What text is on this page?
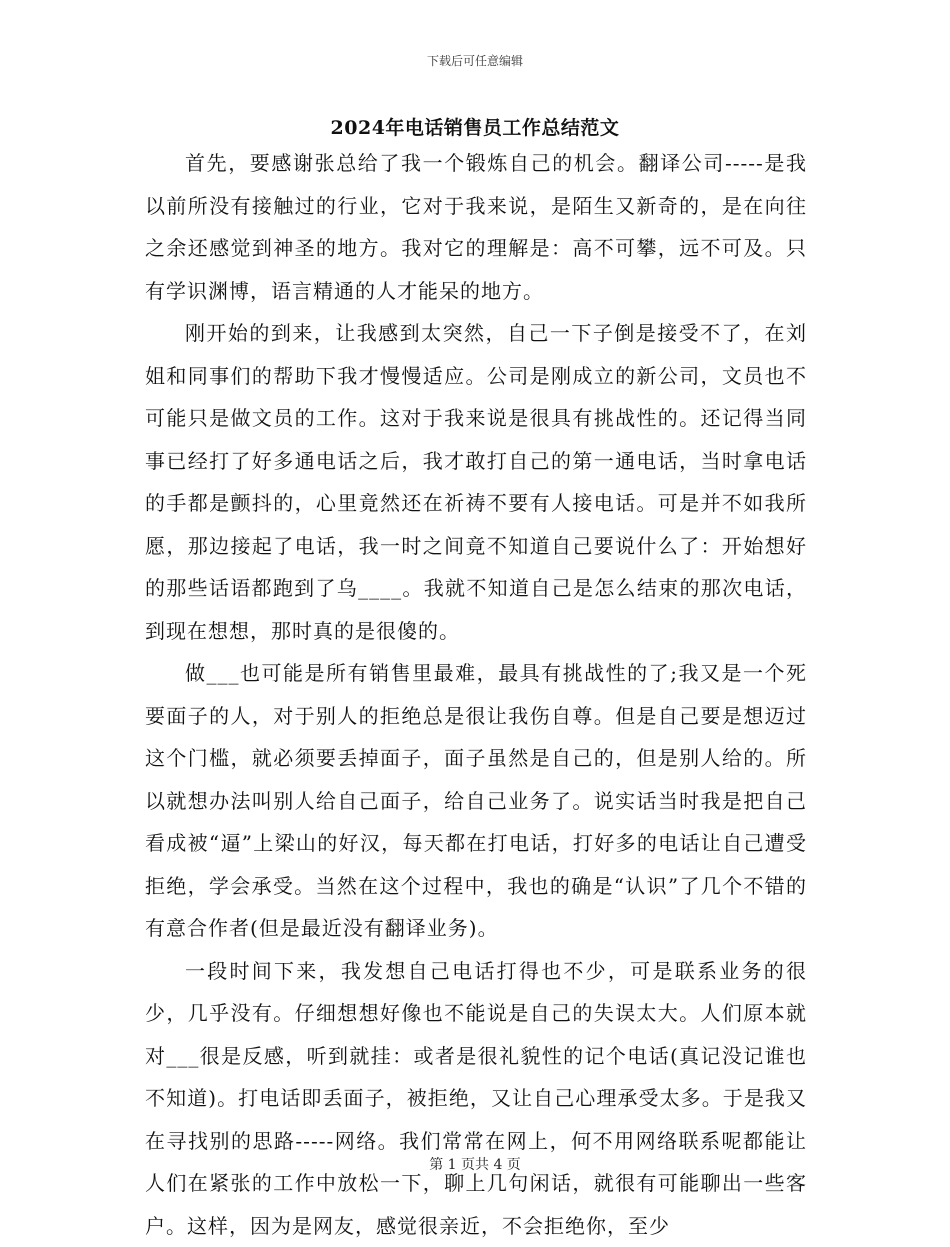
下载后可任意编辑
2024年电话销售员工作总结范文

首先，要感谢张总给了我一个锻炼自己的机会。翻译公司-----是我以前所没有接触过的行业，它对于我来说，是陌生又新奇的，是在向往之余还感觉到神圣的地方。我对它的理解是：高不可攀，远不可及。只有学识渊博，语言精通的人才能呆的地方。

刚开始的到来，让我感到太突然，自己一下子倒是接受不了，在刘姐和同事们的帮助下我才慢慢适应。公司是刚成立的新公司，文员也不可能只是做文员的工作。这对于我来说是很具有挑战性的。还记得当同事已经打了好多通电话之后，我才敢打自己的第一通电话，当时拿电话的手都是颤抖的，心里竟然还在祈祷不要有人接电话。可是并不如我所愿，那边接起了电话，我一时之间竟不知道自己要说什么了：开始想好的那些话语都跑到了乌____。我就不知道自己是怎么结束的那次电话，到现在想想，那时真的是很傻的。

做___也可能是所有销售里最难，最具有挑战性的了;我又是一个死要面子的人，对于别人的拒绝总是很让我伤自尊。但是自己要是想迈过这个门槛，就必须要丢掉面子，面子虽然是自己的，但是别人给的。所以就想办法叫别人给自己面子，给自己业务了。说实话当时我是把自己看成被“逼”上梁山的好汉，每天都在打电话，打好多的电话让自己遭受拒绝，学会承受。当然在这个过程中，我也的确是“认识”了几个不错的有意合作者(但是最近没有翻译业务)。

一段时间下来，我发想自己电话打得也不少，可是联系业务的很少，几乎没有。仔细想想好像也不能说是自己的失误太大。人们原本就对___很是反感，听到就挂：或者是很礼貌性的记个电话(真记没记谁也不知道)。打电话即丢面子，被拒绝，又让自己心理承受太多。于是我又在寻找别的思路-----网络。我们常常在网上，何不用网络联系呢都能让人们在紧张的工作中放松一下，聊上几句闲话，就很有可能聊出一些客户。这样，因为是网友，感觉很亲近，不会拒绝你，至少

第 1 页共 4 页
